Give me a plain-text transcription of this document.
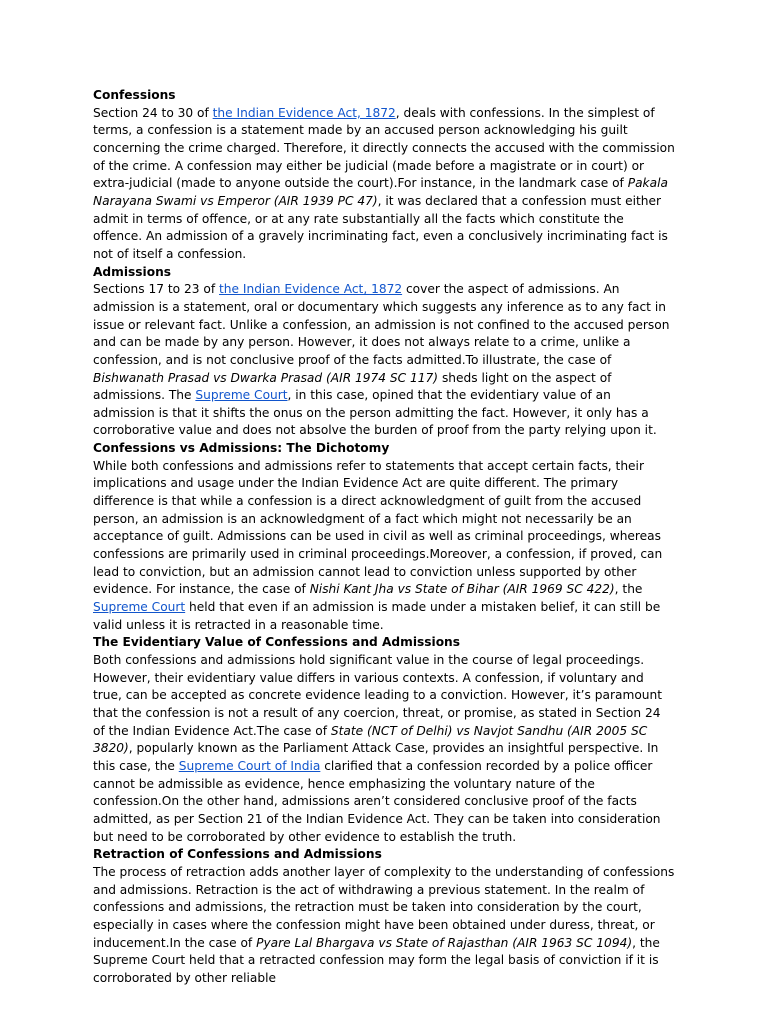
Confessions
Section 24 to 30 of the Indian Evidence Act, 1872, deals with confessions. In the simplest of terms, a confession is a statement made by an accused person acknowledging his guilt concerning the crime charged. Therefore, it directly connects the accused with the commission of the crime. A confession may either be judicial (made before a magistrate or in court) or extra-judicial (made to anyone outside the court).For instance, in the landmark case of Pakala Narayana Swami vs Emperor (AIR 1939 PC 47), it was declared that a confession must either admit in terms of offence, or at any rate substantially all the facts which constitute the offence. An admission of a gravely incriminating fact, even a conclusively incriminating fact is not of itself a confession.
Admissions
Sections 17 to 23 of the Indian Evidence Act, 1872 cover the aspect of admissions. An admission is a statement, oral or documentary which suggests any inference as to any fact in issue or relevant fact. Unlike a confession, an admission is not confined to the accused person and can be made by any person. However, it does not always relate to a crime, unlike a confession, and is not conclusive proof of the facts admitted.To illustrate, the case of Bishwanath Prasad vs Dwarka Prasad (AIR 1974 SC 117) sheds light on the aspect of admissions. The Supreme Court, in this case, opined that the evidentiary value of an admission is that it shifts the onus on the person admitting the fact. However, it only has a corroborative value and does not absolve the burden of proof from the party relying upon it.
Confessions vs Admissions: The Dichotomy
While both confessions and admissions refer to statements that accept certain facts, their implications and usage under the Indian Evidence Act are quite different. The primary difference is that while a confession is a direct acknowledgment of guilt from the accused person, an admission is an acknowledgment of a fact which might not necessarily be an acceptance of guilt. Admissions can be used in civil as well as criminal proceedings, whereas confessions are primarily used in criminal proceedings.Moreover, a confession, if proved, can lead to conviction, but an admission cannot lead to conviction unless supported by other evidence. For instance, the case of Nishi Kant Jha vs State of Bihar (AIR 1969 SC 422), the Supreme Court held that even if an admission is made under a mistaken belief, it can still be valid unless it is retracted in a reasonable time.
The Evidentiary Value of Confessions and Admissions
Both confessions and admissions hold significant value in the course of legal proceedings. However, their evidentiary value differs in various contexts. A confession, if voluntary and true, can be accepted as concrete evidence leading to a conviction. However, it’s paramount that the confession is not a result of any coercion, threat, or promise, as stated in Section 24 of the Indian Evidence Act.The case of State (NCT of Delhi) vs Navjot Sandhu (AIR 2005 SC 3820), popularly known as the Parliament Attack Case, provides an insightful perspective. In this case, the Supreme Court of India clarified that a confession recorded by a police officer cannot be admissible as evidence, hence emphasizing the voluntary nature of the confession.On the other hand, admissions aren’t considered conclusive proof of the facts admitted, as per Section 21 of the Indian Evidence Act. They can be taken into consideration but need to be corroborated by other evidence to establish the truth.
Retraction of Confessions and Admissions
The process of retraction adds another layer of complexity to the understanding of confessions and admissions. Retraction is the act of withdrawing a previous statement. In the realm of confessions and admissions, the retraction must be taken into consideration by the court, especially in cases where the confession might have been obtained under duress, threat, or inducement.In the case of Pyare Lal Bhargava vs State of Rajasthan (AIR 1963 SC 1094), the Supreme Court held that a retracted confession may form the legal basis of conviction if it is corroborated by other reliable
